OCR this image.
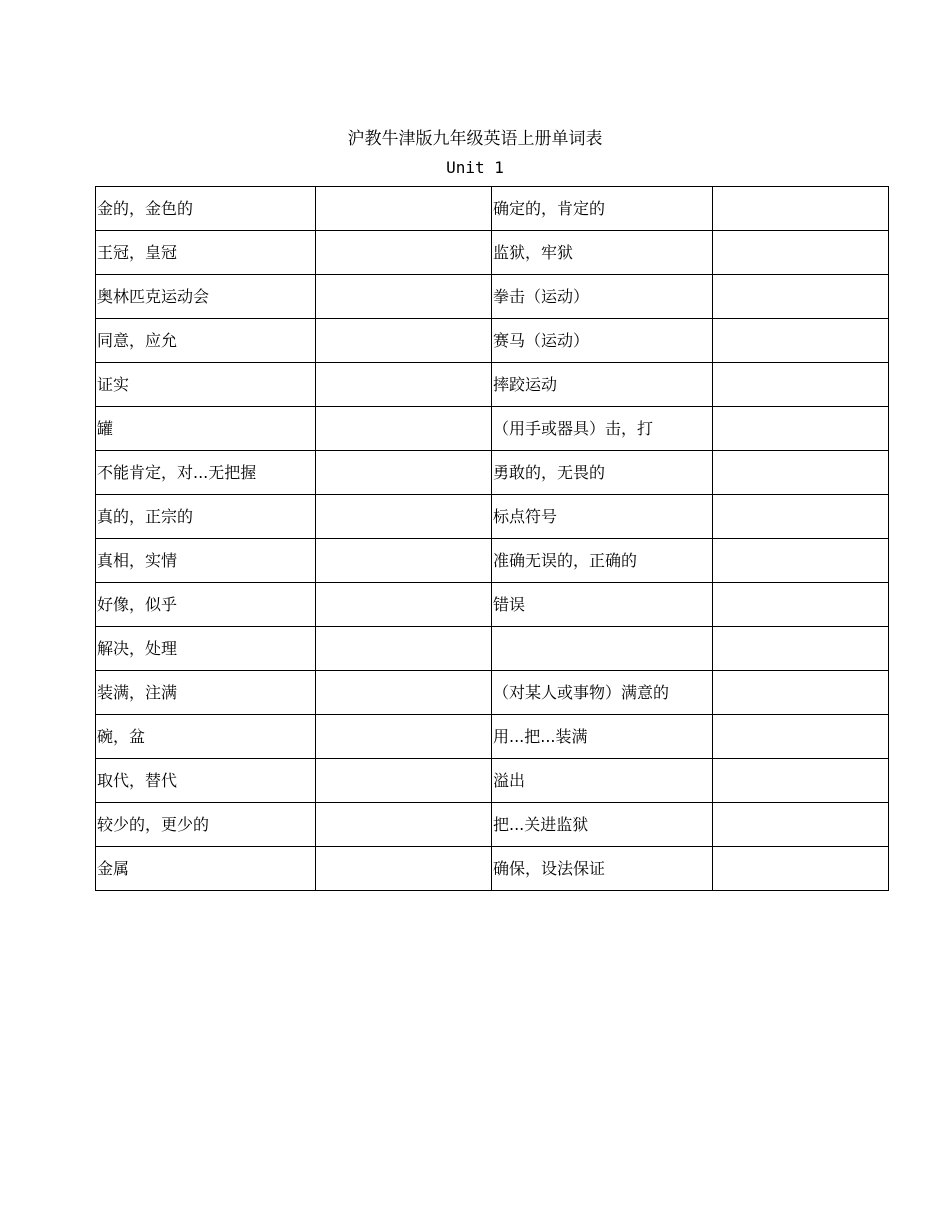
沪教牛津版九年级英语上册单词表
Unit 1
金的，金色的		确定的，肯定的	
王冠，皇冠		监狱，牢狱	
奥林匹克运动会		拳击（运动）	
同意，应允		赛马（运动）	
证实		摔跤运动	
罐		（用手或器具）击，打	
不能肯定，对...无把握		勇敢的，无畏的	
真的，正宗的		标点符号	
真相，实情		准确无误的，正确的	
好像，似乎		错误	
解决，处理			
装满，注满		（对某人或事物）满意的	
碗，盆		用...把...装满	
取代，替代		溢出	
较少的，更少的		把...关进监狱	
金属		确保，设法保证	
